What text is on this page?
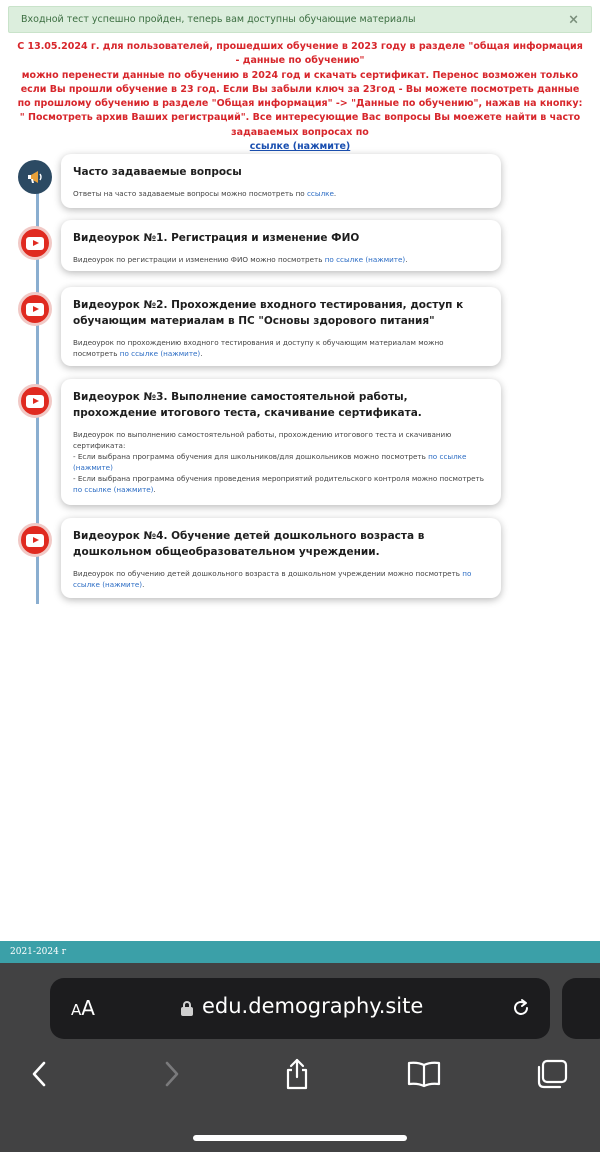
Входной тест успешно пройден, теперь вам доступны обучающие материалы	×
С 13.05.2024 г. для пользователей, прошедших обучение в 2023 году в разделе "общая информация - данные по обучению"
можно перенести данные по обучению в 2024 год и скачать сертификат. Перенос возможен только если Вы прошли обучение в 23 год. Если Вы забыли ключ за 23год - Вы можете посмотреть данные по прошлому обучению в разделе "Общая информация" -> "Данные по обучению", нажав на кнопку: " Посмотреть архив Ваших регистраций". Все интересующие Вас вопросы Вы моежете найти в часто задаваемых вопросах по
ссылке (нажмите)
Часто задаваемые вопросы
Ответы на часто задаваемые вопросы можно посмотреть по ссылке.
Видеоурок №1. Регистрация и изменение ФИО
Видеоурок по регистрации и изменению ФИО можно посмотреть по ссылке (нажмите).
Видеоурок №2. Прохождение входного тестирования, доступ к обучающим материалам в ПС "Основы здорового питания"
Видеоурок по прохождению входного тестирования и доступу к обучающим материалам можно посмотреть по ссылке (нажмите).
Видеоурок №3. Выполнение самостоятельной работы, прохождение итогового теста, скачивание сертификата.
Видеоурок по выполнению самостоятельной работы, прохождению итогового теста и скачиванию сертификата:
- Если выбрана программа обучения для школьников/для дошкольников можно посмотреть по ссылке (нажмите)
- Если выбрана программа обучения проведения мероприятий родительского контроля можно посмотреть по ссылке (нажмите).
Видеоурок №4. Обучение детей дошкольного возраста в дошкольном общеобразовательном учреждении.
Видеоурок по обучению детей дошкольного возраста в дошкольном учреждении можно посмотреть по ссылке (нажмите).
2021-2024 г
AA	edu.demography.site
